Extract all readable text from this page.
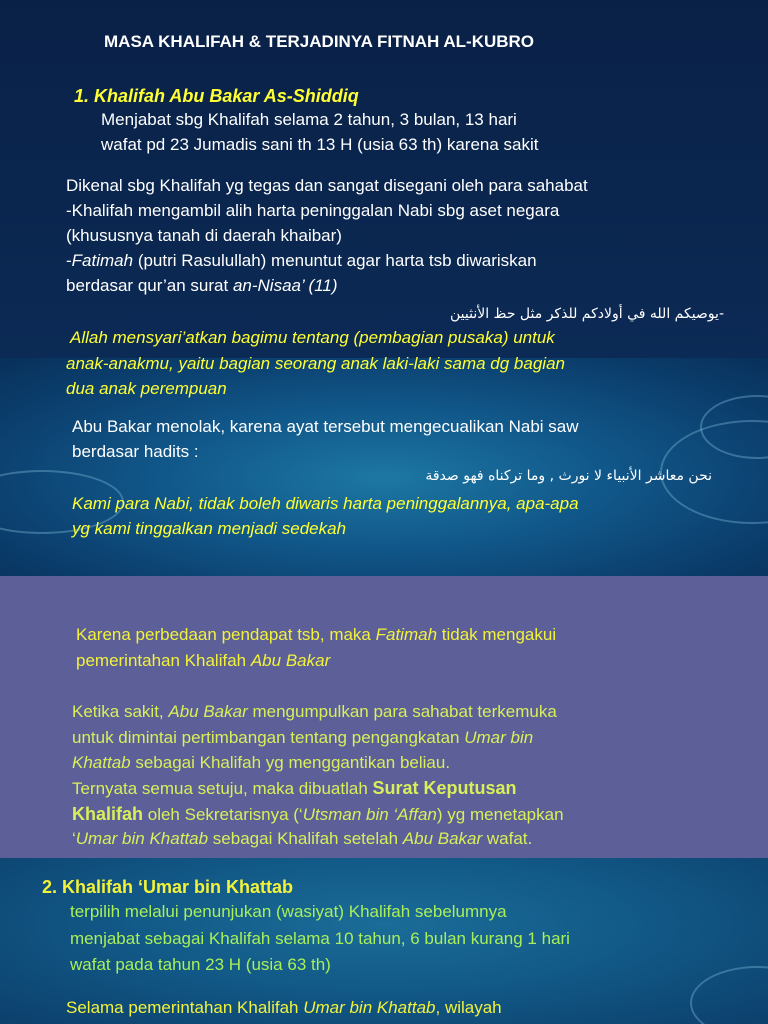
MASA KHALIFAH & TERJADINYA FITNAH AL-KUBRO
1. Khalifah Abu Bakar As-Shiddiq
Menjabat sbg Khalifah selama 2 tahun, 3 bulan, 13 hari
wafat pd 23 Jumadis sani th 13 H (usia 63 th) karena sakit
Dikenal sbg Khalifah yg tegas dan sangat disegani oleh para sahabat
-Khalifah mengambil alih harta peninggalan Nabi sbg aset negara
(khususnya tanah di daerah khaibar)
-Fatimah (putri Rasulullah) menuntut agar harta tsb diwariskan
berdasar qur’an surat an-Nisaa’ (11)
-يوصيكم الله في أولادكم للذكر مثل حظ الأنثيين
Allah mensyari’atkan bagimu tentang (pembagian pusaka) untuk
anak-anakmu, yaitu bagian seorang anak laki-laki sama dg bagian
dua anak perempuan
Abu Bakar menolak, karena ayat tersebut mengecualikan Nabi saw
berdasar hadits :
نحن معاشر الأنبياء لا نورث , وما تركناه فهو صدقة
Kami para Nabi, tidak boleh diwaris harta peninggalannya, apa-apa
yg kami tinggalkan menjadi sedekah
Karena perbedaan pendapat tsb, maka Fatimah tidak mengakui
pemerintahan Khalifah Abu Bakar
Ketika sakit, Abu Bakar mengumpulkan para sahabat terkemuka
untuk dimintai pertimbangan tentang pengangkatan Umar bin
Khattab sebagai Khalifah yg menggantikan beliau.
Ternyata semua setuju, maka dibuatlah Surat Keputusan
Khalifah oleh Sekretarisnya (‘Utsman bin ‘Affan) yg menetapkan
‘Umar bin Khattab sebagai Khalifah setelah Abu Bakar wafat.
2. Khalifah ‘Umar bin Khattab
terpilih melalui penunjukan (wasiyat) Khalifah sebelumnya
menjabat sebagai Khalifah selama 10 tahun, 6 bulan kurang 1 hari
wafat pada tahun 23 H (usia 63 th)
Selama pemerintahan Khalifah Umar bin Khattab, wilayah
